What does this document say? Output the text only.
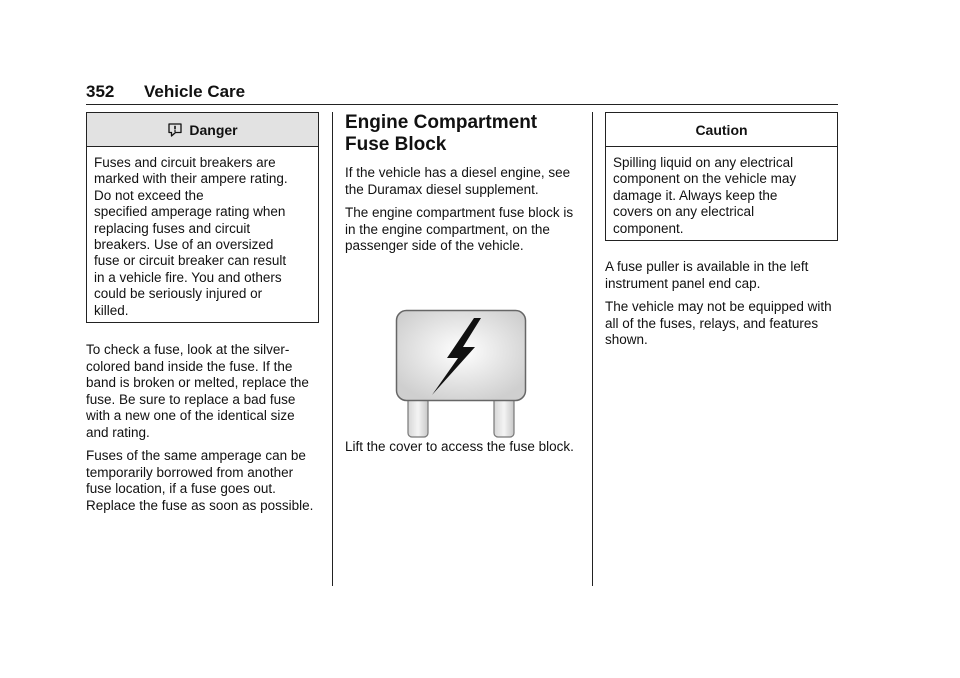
352 Vehicle Care
Danger

Fuses and circuit breakers are

marked with their ampere rating.

Do not exceed the

specified amperage rating when

replacing fuses and circuit

breakers. Use of an oversized

fuse or circuit breaker can result

in a vehicle fire. You and others

could be seriously injured or

killed.

To check a fuse, look at the silver-colored band inside the fuse. If the band is broken or melted, replace the fuse. Be sure to replace a bad fuse with a new one of the identical size and rating.

Fuses of the same amperage can be temporarily borrowed from another fuse location, if a fuse goes out. Replace the fuse as soon as possible.

Engine Compartment
Fuse Block

If the vehicle has a diesel engine, see the Duramax diesel supplement.

The engine compartment fuse block is in the engine compartment, on the passenger side of the vehicle.

Lift the cover to access the fuse block.

Caution

Spilling liquid on any electrical

component on the vehicle may

damage it. Always keep the

covers on any electrical

component.

A fuse puller is available in the left instrument panel end cap.

The vehicle may not be equipped with all of the fuses, relays, and features shown.
